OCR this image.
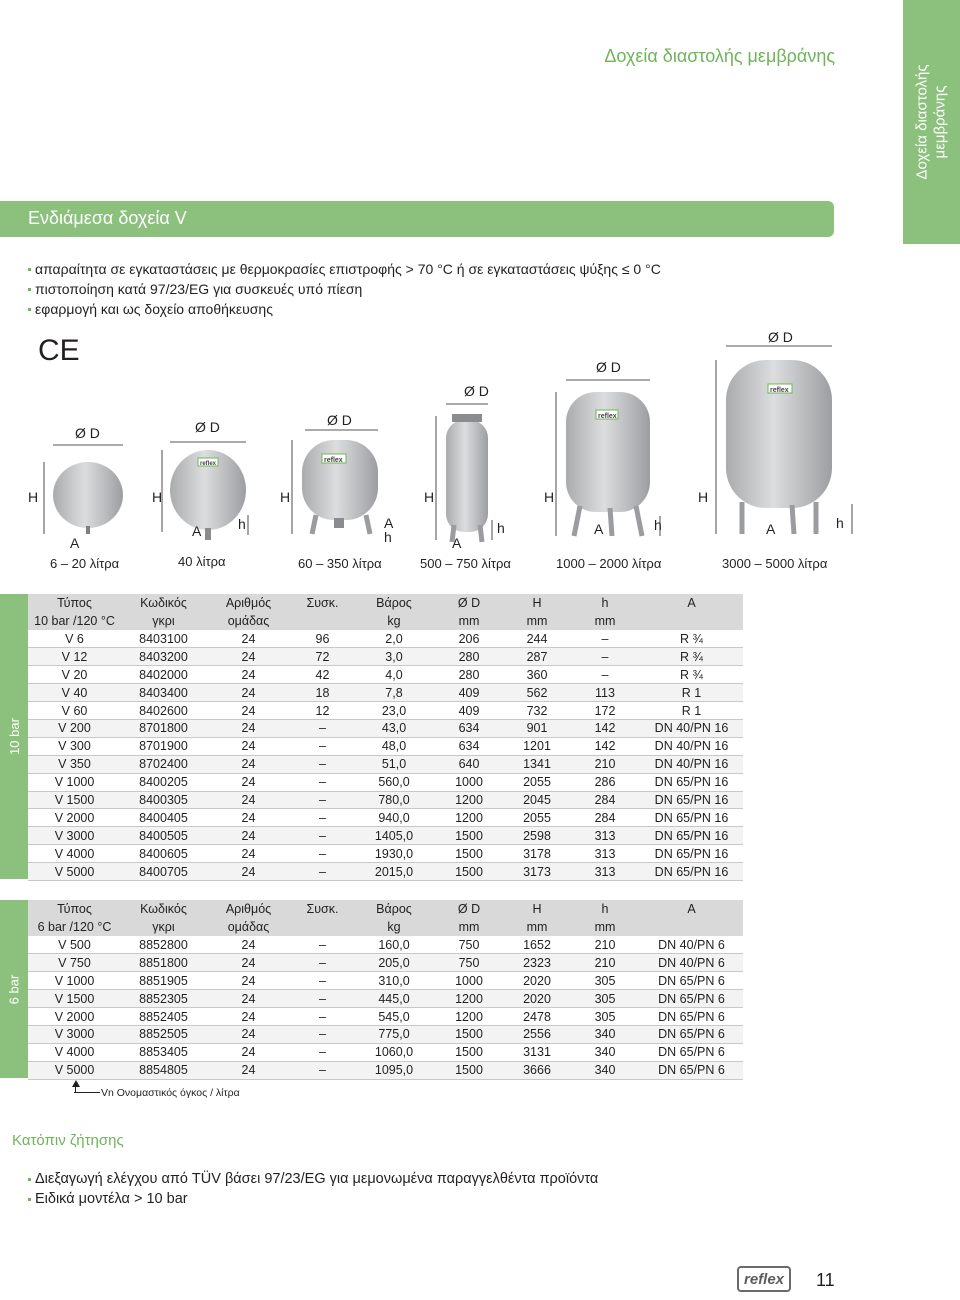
Δοχεία διαστολής
μεμβράνης
Δοχεία διαστολής μεμβράνης
Ενδιάμεσα δοχεία V
απαραίτητα σε εγκαταστάσεις με θερμοκρασίες επιστροφής > 70 °C ή σε εγκαταστάσεις ψύξης ≤ 0 °C
πιστοποίηση κατά 97/23/EG για συσκευές υπό πίεση
εφαρμογή και ως δοχείο αποθήκευσης
CE
Ø D
H
A
6 – 20 λίτρα
reflex
Ø D
H
h
A
40 λίτρα
reflex
Ø D
H
A
h
60 – 350 λίτρα
Ø D
H
h
A
500 – 750 λίτρα
reflex
Ø D
H
h
A
1000 – 2000 λίτρα
reflex
Ø D
H
h
A
3000 – 5000 λίτρα
10 bar
Τύπος	Κωδικός	Αριθμός	Συσκ.	Βάρος	Ø D	H	h	A
10 bar /120 °C	γκρι	ομάδας		kg	mm	mm	mm	
V 6	8403100	24	96	2,0	206	244	–	R ¾
V 12	8403200	24	72	3,0	280	287	–	R ¾
V 20	8402000	24	42	4,0	280	360	–	R ¾
V 40	8403400	24	18	7,8	409	562	113	R 1
V 60	8402600	24	12	23,0	409	732	172	R 1
V 200	8701800	24	–	43,0	634	901	142	DN 40/PN 16
V 300	8701900	24	–	48,0	634	1201	142	DN 40/PN 16
V 350	8702400	24	–	51,0	640	1341	210	DN 40/PN 16
V 1000	8400205	24	–	560,0	1000	2055	286	DN 65/PN 16
V 1500	8400305	24	–	780,0	1200	2045	284	DN 65/PN 16
V 2000	8400405	24	–	940,0	1200	2055	284	DN 65/PN 16
V 3000	8400505	24	–	1405,0	1500	2598	313	DN 65/PN 16
V 4000	8400605	24	–	1930,0	1500	3178	313	DN 65/PN 16
V 5000	8400705	24	–	2015,0	1500	3173	313	DN 65/PN 16
6 bar
Τύπος	Κωδικός	Αριθμός	Συσκ.	Βάρος	Ø D	H	h	A
6 bar /120 °C	γκρι	ομάδας		kg	mm	mm	mm	
V 500	8852800	24	–	160,0	750	1652	210	DN 40/PN 6
V 750	8851800	24	–	205,0	750	2323	210	DN 40/PN 6
V 1000	8851905	24	–	310,0	1000	2020	305	DN 65/PN 6
V 1500	8852305	24	–	445,0	1200	2020	305	DN 65/PN 6
V 2000	8852405	24	–	545,0	1200	2478	305	DN 65/PN 6
V 3000	8852505	24	–	775,0	1500	2556	340	DN 65/PN 6
V 4000	8853405	24	–	1060,0	1500	3131	340	DN 65/PN 6
V 5000	8854805	24	–	1095,0	1500	3666	340	DN 65/PN 6
Vn Ονομαστικός όγκος / λίτρα
Κατόπιν ζήτησης
Διεξαγωγή ελέγχου από TÜV βάσει 97/23/EG για μεμονωμένα παραγγελθέντα προϊόντα
Ειδικά μοντέλα > 10 bar
reflex 11
